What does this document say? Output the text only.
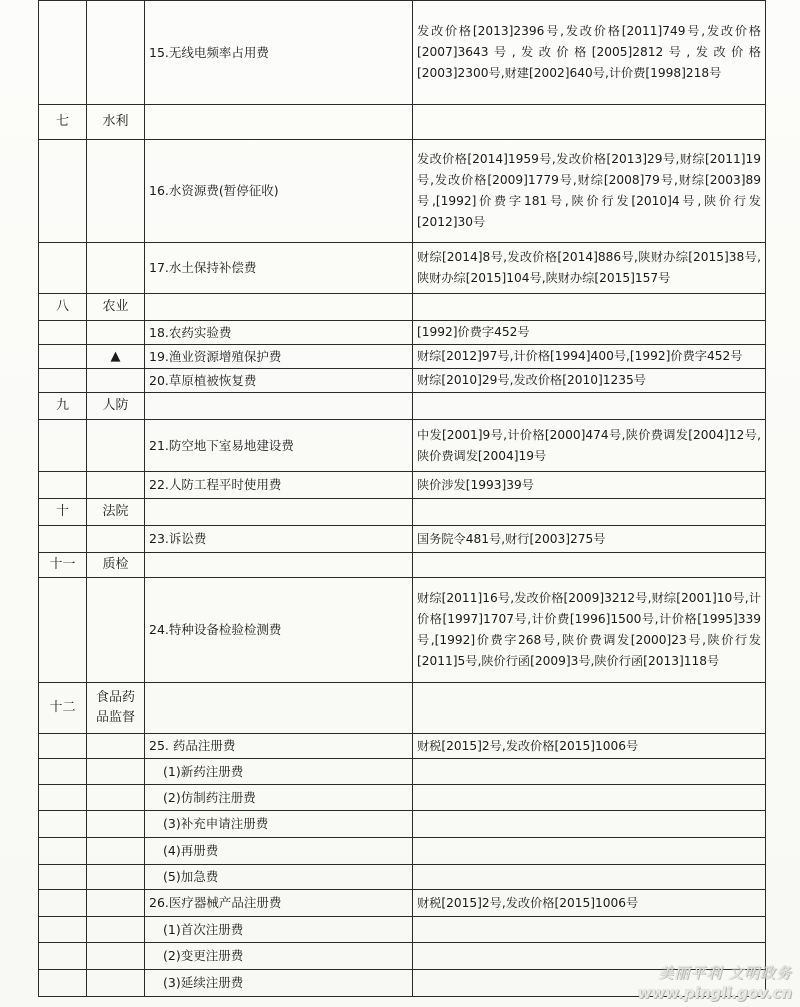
		15.无线电频率占用费	发改价格[2013]2396号,发改价格[2011]749号,发改价格[2007]3643号,发改价格[2005]2812号,发改价格[2003]2300号,财建[2002]640号,计价费[1998]218号
七	水利		
		16.水资源费(暂停征收)	发改价格[2014]1959号,发改价格[2013]29号,财综[2011]19号,发改价格[2009]1779号,财综[2008]79号,财综[2003]89号,[1992]价费字181号,陕价行发[2010]4号,陕价行发[2012]30号
		17.水土保持补偿费	财综[2014]8号,发改价格[2014]886号,陕财办综[2015]38号,陕财办综[2015]104号,陕财办综[2015]157号
八	农业		
		18.农药实验费	[1992]价费字452号
	▲	19.渔业资源增殖保护费	财综[2012]97号,计价格[1994]400号,[1992]价费字452号
		20.草原植被恢复费	财综[2010]29号,发改价格[2010]1235号
九	人防		
		21.防空地下室易地建设费	中发[2001]9号,计价格[2000]474号,陕价费调发[2004]12号,陕价费调发[2004]19号
		22.人防工程平时使用费	陕价涉发[1993]39号
十	法院		
		23.诉讼费	国务院令481号,财行[2003]275号
十一	质检		
		24.特种设备检验检测费	财综[2011]16号,发改价格[2009]3212号,财综[2001]10号,计价格[1997]1707号,计价费[1996]1500号,计价格[1995]339号,[1992]价费字268号,陕价费调发[2000]23号,陕价行发[2011]5号,陕价行函[2009]3号,陕价行函[2013]118号
十二	食品药品监督		
		25. 药品注册费	财税[2015]2号,发改价格[2015]1006号
		(1)新药注册费	
		(2)仿制药注册费	
		(3)补充申请注册费	
		(4)再册费	
		(5)加急费	
		26.医疗器械产品注册费	财税[2015]2号,发改价格[2015]1006号
		(1)首次注册费	
		(2)变更注册费	
		(3)延续注册费	
美丽平利 文明政务
www.pingli.gov.cn
